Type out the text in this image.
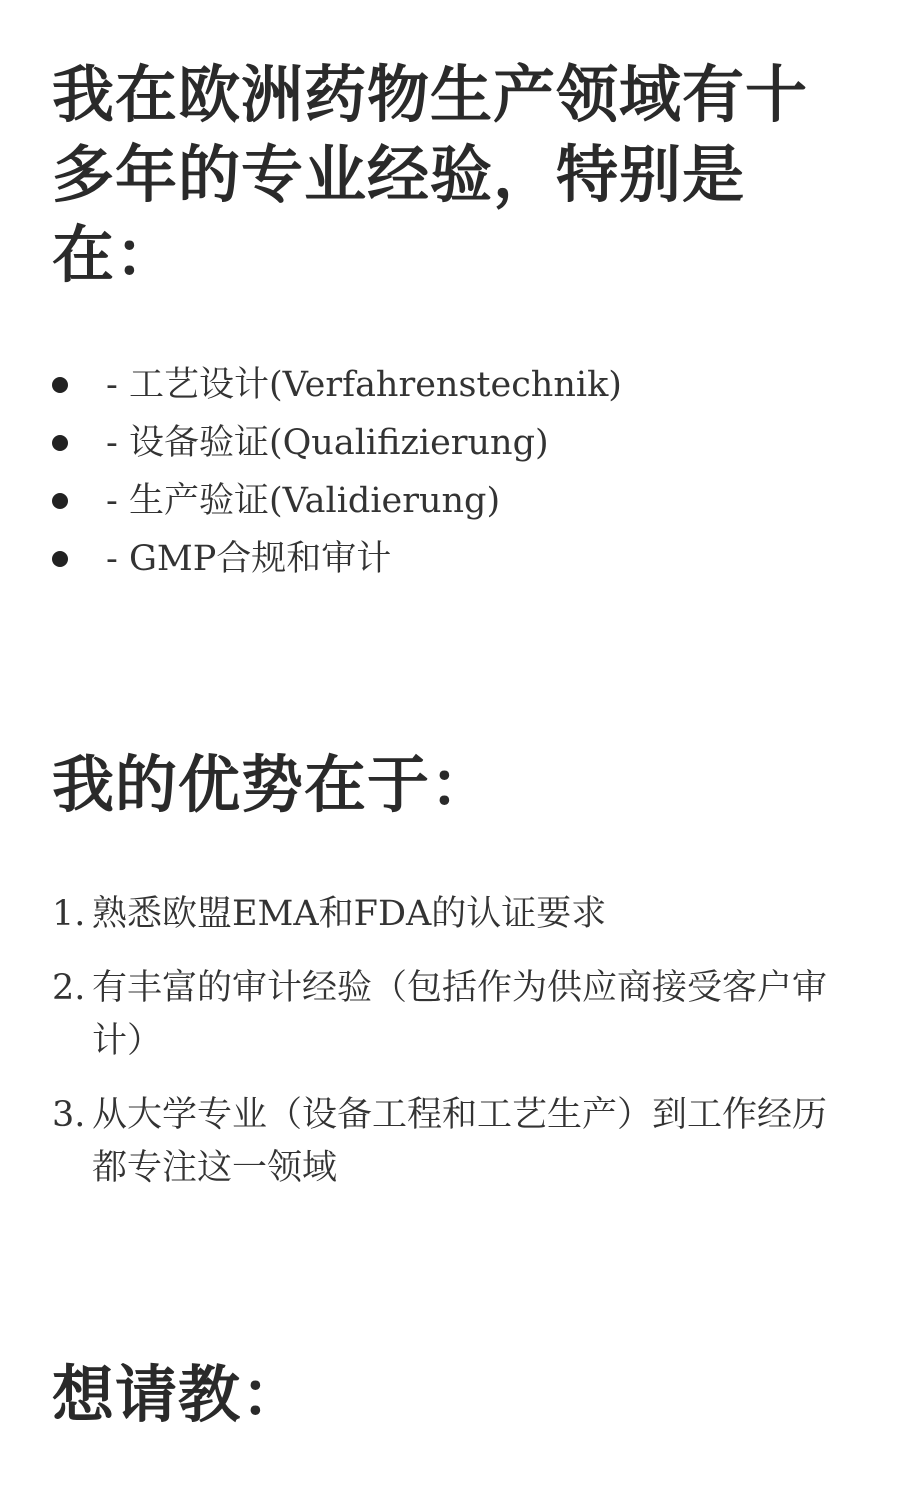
我在欧洲药物生产领域有十多年的专业经验，特别是在：
- 工艺设计(Verfahrenstechnik)
- 设备验证(Qualifizierung)
- 生产验证(Validierung)
- GMP合规和审计
我的优势在于：
1. 熟悉欧盟EMA和FDA的认证要求
2. 有丰富的审计经验（包括作为供应商接受客户审计）
3. 从大学专业（设备工程和工艺生产）到工作经历都专注这一领域
想请教：
